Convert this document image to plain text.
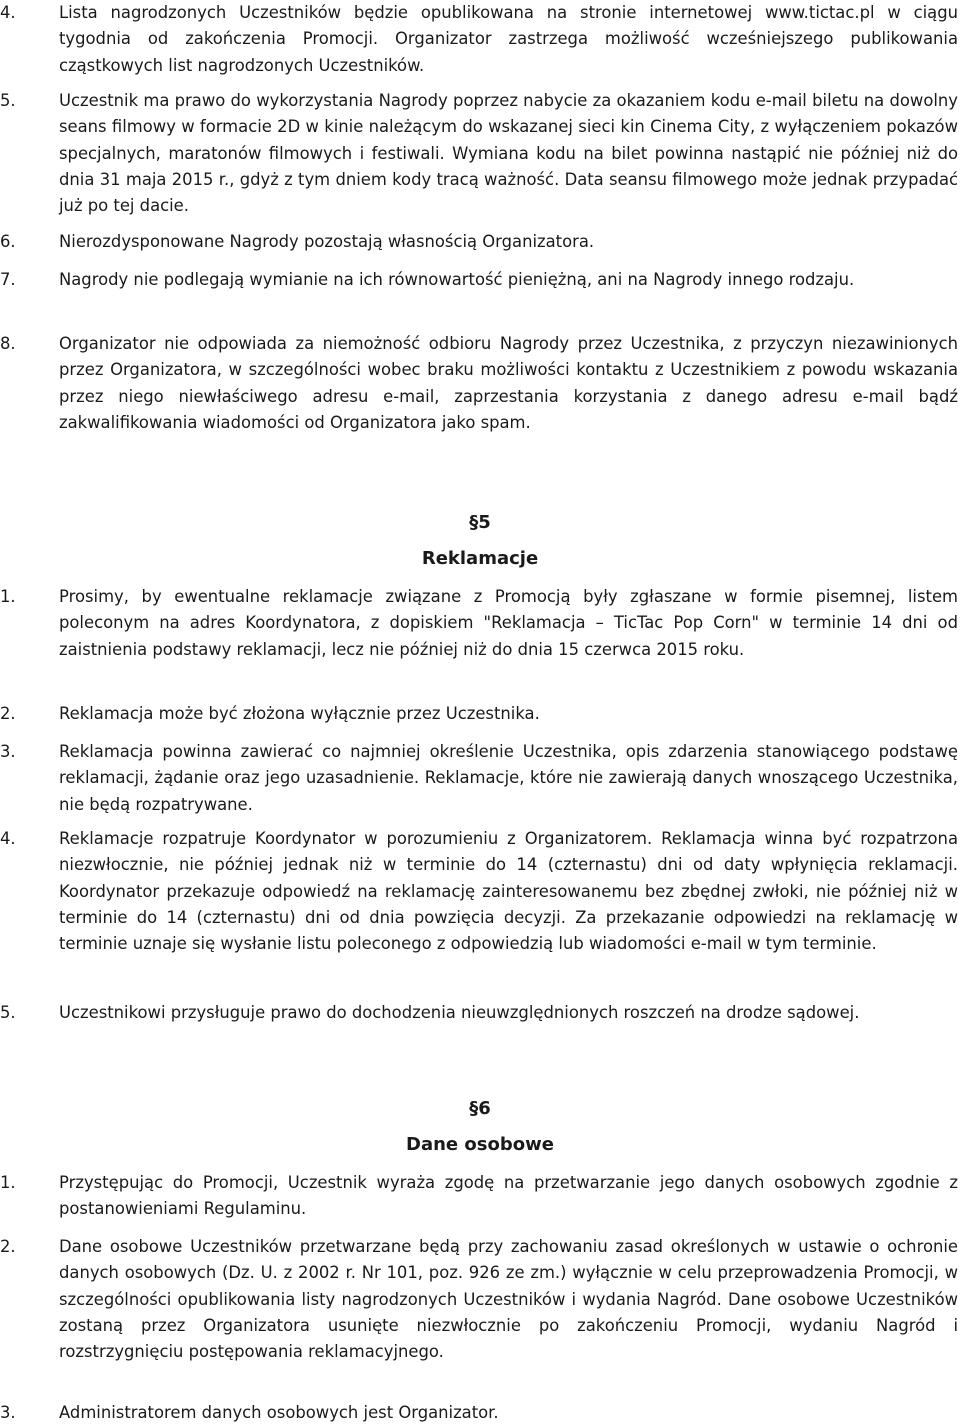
4.	Lista nagrodzonych Uczestników będzie opublikowana na stronie internetowej www.tictac.pl w ciągu tygodnia od zakończenia Promocji. Organizator zastrzega możliwość wcześniejszego publikowania cząstkowych list nagrodzonych Uczestników.
5.	Uczestnik ma prawo do wykorzystania Nagrody poprzez nabycie za okazaniem kodu e-mail biletu na dowolny seans filmowy w formacie 2D w kinie należącym do wskazanej sieci kin Cinema City, z wyłączeniem pokazów specjalnych, maratonów filmowych i festiwali. Wymiana kodu na bilet powinna nastąpić nie później niż do dnia 31 maja 2015 r., gdyż z tym dniem kody tracą ważność. Data seansu filmowego może jednak przypadać już po tej dacie.
6.	Nierozdysponowane Nagrody pozostają własnością Organizatora.
7.	Nagrody nie podlegają wymianie na ich równowartość pieniężną, ani na Nagrody innego rodzaju.
8.	Organizator nie odpowiada za niemożność odbioru Nagrody przez Uczestnika, z przyczyn niezawinionych przez Organizatora, w szczególności wobec braku możliwości kontaktu z Uczestnikiem z powodu wskazania przez niego niewłaściwego adresu e-mail, zaprzestania korzystania z danego adresu e-mail bądź zakwalifikowania wiadomości od Organizatora jako spam.
§5
Reklamacje
1.	Prosimy, by ewentualne reklamacje związane z Promocją były zgłaszane w formie pisemnej, listem poleconym na adres Koordynatora, z dopiskiem "Reklamacja – TicTac Pop Corn" w terminie 14 dni od zaistnienia podstawy reklamacji, lecz nie później niż do dnia 15 czerwca 2015 roku.
2.	Reklamacja może być złożona wyłącznie przez Uczestnika.
3.	Reklamacja powinna zawierać co najmniej określenie Uczestnika, opis zdarzenia stanowiącego podstawę reklamacji, żądanie oraz jego uzasadnienie. Reklamacje, które nie zawierają danych wnoszącego Uczestnika, nie będą rozpatrywane.
4.	Reklamacje rozpatruje Koordynator w porozumieniu z Organizatorem. Reklamacja winna być rozpatrzona niezwłocznie, nie później jednak niż w terminie do 14 (czternastu) dni od daty wpłynięcia reklamacji. Koordynator przekazuje odpowiedź na reklamację zainteresowanemu bez zbędnej zwłoki, nie później niż w terminie do 14 (czternastu) dni od dnia powzięcia decyzji. Za przekazanie odpowiedzi na reklamację w terminie uznaje się wysłanie listu poleconego z odpowiedzią lub wiadomości e-mail w tym terminie.
5.	Uczestnikowi przysługuje prawo do dochodzenia nieuwzględnionych roszczeń na drodze sądowej.
§6
Dane osobowe
1.	Przystępując do Promocji, Uczestnik wyraża zgodę na przetwarzanie jego danych osobowych zgodnie z postanowieniami Regulaminu.
2.	Dane osobowe Uczestników przetwarzane będą przy zachowaniu zasad określonych w ustawie o ochronie danych osobowych (Dz. U. z 2002 r. Nr 101, poz. 926 ze zm.) wyłącznie w celu przeprowadzenia Promocji, w szczególności opublikowania listy nagrodzonych Uczestników i wydania Nagród. Dane osobowe Uczestników zostaną przez Organizatora usunięte niezwłocznie po zakończeniu Promocji, wydaniu Nagród i rozstrzygnięciu postępowania reklamacyjnego.
3.	Administratorem danych osobowych jest Organizator.
